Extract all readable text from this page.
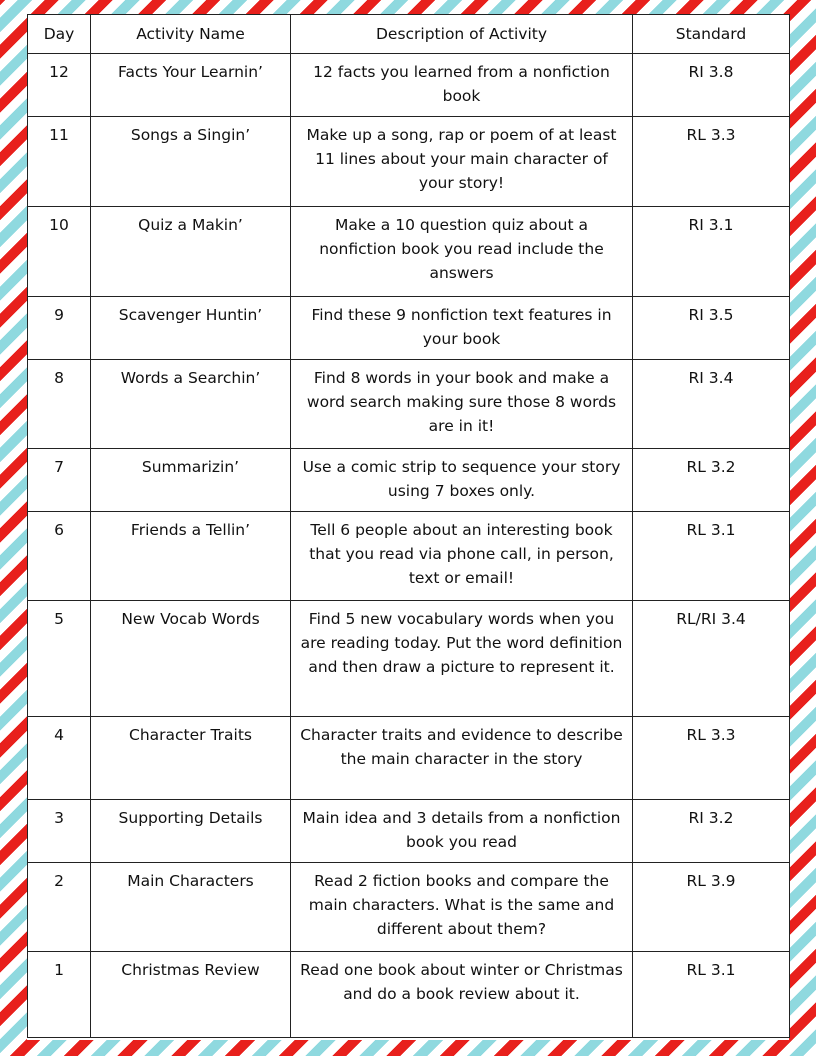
Day	Activity Name	Description of Activity	Standard
12	Facts Your Learnin’	12 facts you learned from a nonfiction book	RI 3.8
11	Songs a Singin’	Make up a song, rap or poem of at least 11 lines about your main character of your story!	RL 3.3
10	Quiz a Makin’	Make a 10 question quiz about a nonfiction book you read include the answers	RI 3.1
9	Scavenger Huntin’	Find these 9 nonfiction text features in your book	RI 3.5
8	Words a Searchin’	Find 8 words in your book and make a word search making sure those 8 words are in it!	RI 3.4
7	Summarizin’	Use a comic strip to sequence your story using 7 boxes only.	RL 3.2
6	Friends a Tellin’	Tell 6 people about an interesting book that you read via phone call, in person, text or email!	RL 3.1
5	New Vocab Words	Find 5 new vocabulary words when you are reading today. Put the word definition and then draw a picture to represent it.	RL/RI 3.4
4	Character Traits	Character traits and evidence to describe the main character in the story	RL 3.3
3	Supporting Details	Main idea and 3 details from a nonfiction book you read	RI 3.2
2	Main Characters	Read 2 fiction books and compare the main characters. What is the same and different about them?	RL 3.9
1	Christmas Review	Read one book about winter or Christmas and do a book review about it.	RL 3.1
